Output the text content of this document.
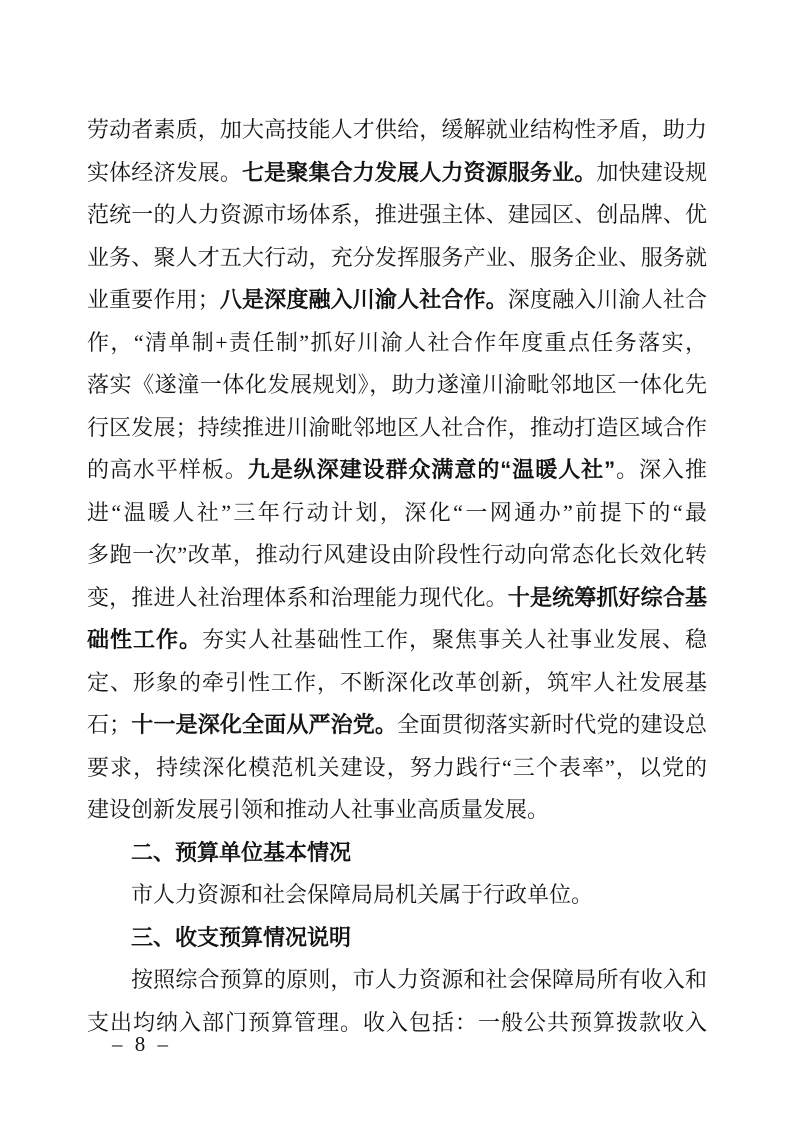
劳动者素质，加大高技能人才供给，缓解就业结构性矛盾，助力
实体经济发展。七是聚集合力发展人力资源服务业。加快建设规
范统一的人力资源市场体系，推进强主体、建园区、创品牌、优
业务、聚人才五大行动，充分发挥服务产业、服务企业、服务就
业重要作用；八是深度融入川渝人社合作。深度融入川渝人社合
作，“清单制+责任制”抓好川渝人社合作年度重点任务落实，
落实《遂潼一体化发展规划》，助力遂潼川渝毗邻地区一体化先
行区发展；持续推进川渝毗邻地区人社合作，推动打造区域合作
的高水平样板。九是纵深建设群众满意的“温暖人社”。深入推
进“温暖人社”三年行动计划，深化“一网通办”前提下的“最
多跑一次”改革，推动行风建设由阶段性行动向常态化长效化转
变，推进人社治理体系和治理能力现代化。十是统筹抓好综合基
础性工作。夯实人社基础性工作，聚焦事关人社事业发展、稳
定、形象的牵引性工作，不断深化改革创新，筑牢人社发展基
石；十一是深化全面从严治党。全面贯彻落实新时代党的建设总
要求，持续深化模范机关建设，努力践行“三个表率”，以党的
建设创新发展引领和推动人社事业高质量发展。
二、预算单位基本情况
市人力资源和社会保障局局机关属于行政单位。
三、收支预算情况说明
按照综合预算的原则，市人力资源和社会保障局所有收入和
支出均纳入部门预算管理。收入包括：一般公共预算拨款收入
– 8 –
